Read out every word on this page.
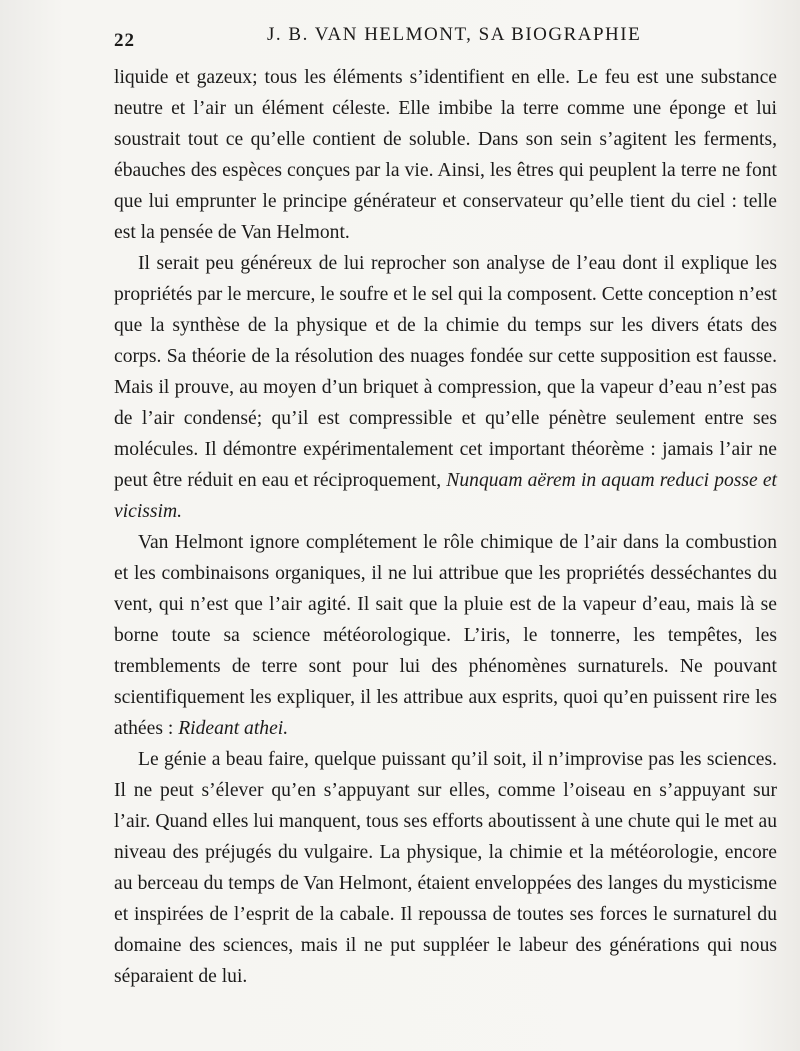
22	J. B. VAN HELMONT, SA BIOGRAPHIE

liquide et gazeux; tous les éléments s’identifient en elle. Le feu est une substance neutre et l’air un élément céleste. Elle imbibe la terre comme une éponge et lui soustrait tout ce qu’elle contient de soluble. Dans son sein s’agitent les ferments, ébauches des espèces conçues par la vie. Ainsi, les êtres qui peuplent la terre ne font que lui emprunter le principe générateur et conservateur qu’elle tient du ciel : telle est la pensée de Van Helmont.

Il serait peu généreux de lui reprocher son analyse de l’eau dont il explique les propriétés par le mercure, le soufre et le sel qui la composent. Cette conception n’est que la synthèse de la physique et de la chimie du temps sur les divers états des corps. Sa théorie de la résolution des nuages fondée sur cette supposition est fausse. Mais il prouve, au moyen d’un briquet à compression, que la vapeur d’eau n’est pas de l’air condensé; qu’il est compressible et qu’elle pénètre seulement entre ses molécules. Il démontre expérimentalement cet important théorème : jamais l’air ne peut être réduit en eau et réciproquement, Nunquam aërem in aquam reduci posse et vicissim.

Van Helmont ignore complétement le rôle chimique de l’air dans la combustion et les combinaisons organiques, il ne lui attribue que les propriétés desséchantes du vent, qui n’est que l’air agité. Il sait que la pluie est de la vapeur d’eau, mais là se borne toute sa science météorologique. L’iris, le tonnerre, les tempêtes, les tremblements de terre sont pour lui des phénomènes surnaturels. Ne pouvant scientifiquement les expliquer, il les attribue aux esprits, quoi qu’en puissent rire les athées : Rideant athei.

Le génie a beau faire, quelque puissant qu’il soit, il n’improvise pas les sciences. Il ne peut s’élever qu’en s’appuyant sur elles, comme l’oiseau en s’appuyant sur l’air. Quand elles lui manquent, tous ses efforts aboutissent à une chute qui le met au niveau des préjugés du vulgaire. La physique, la chimie et la météorologie, encore au berceau du temps de Van Helmont, étaient enveloppées des langes du mysticisme et inspirées de l’esprit de la cabale. Il repoussa de toutes ses forces le surnaturel du domaine des sciences, mais il ne put suppléer le labeur des générations qui nous séparaient de lui.
